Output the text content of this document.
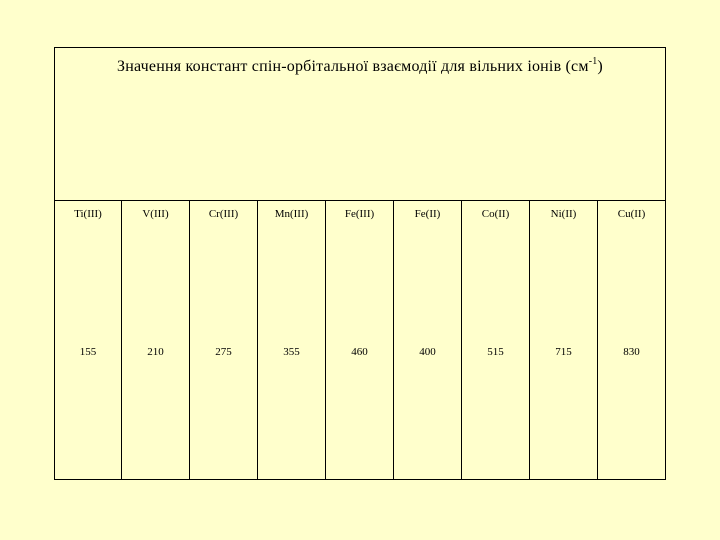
Значення констант спін-орбітальної взаємодії для вільних іонів $(см^{-1})$
Ti(III)
155
V(III)
210
Cr(III)
275
Mn(III)
355
Fe(III)
460
Fe(II)
400
Co(II)
515
Ni(II)
715
Cu(II)
830
